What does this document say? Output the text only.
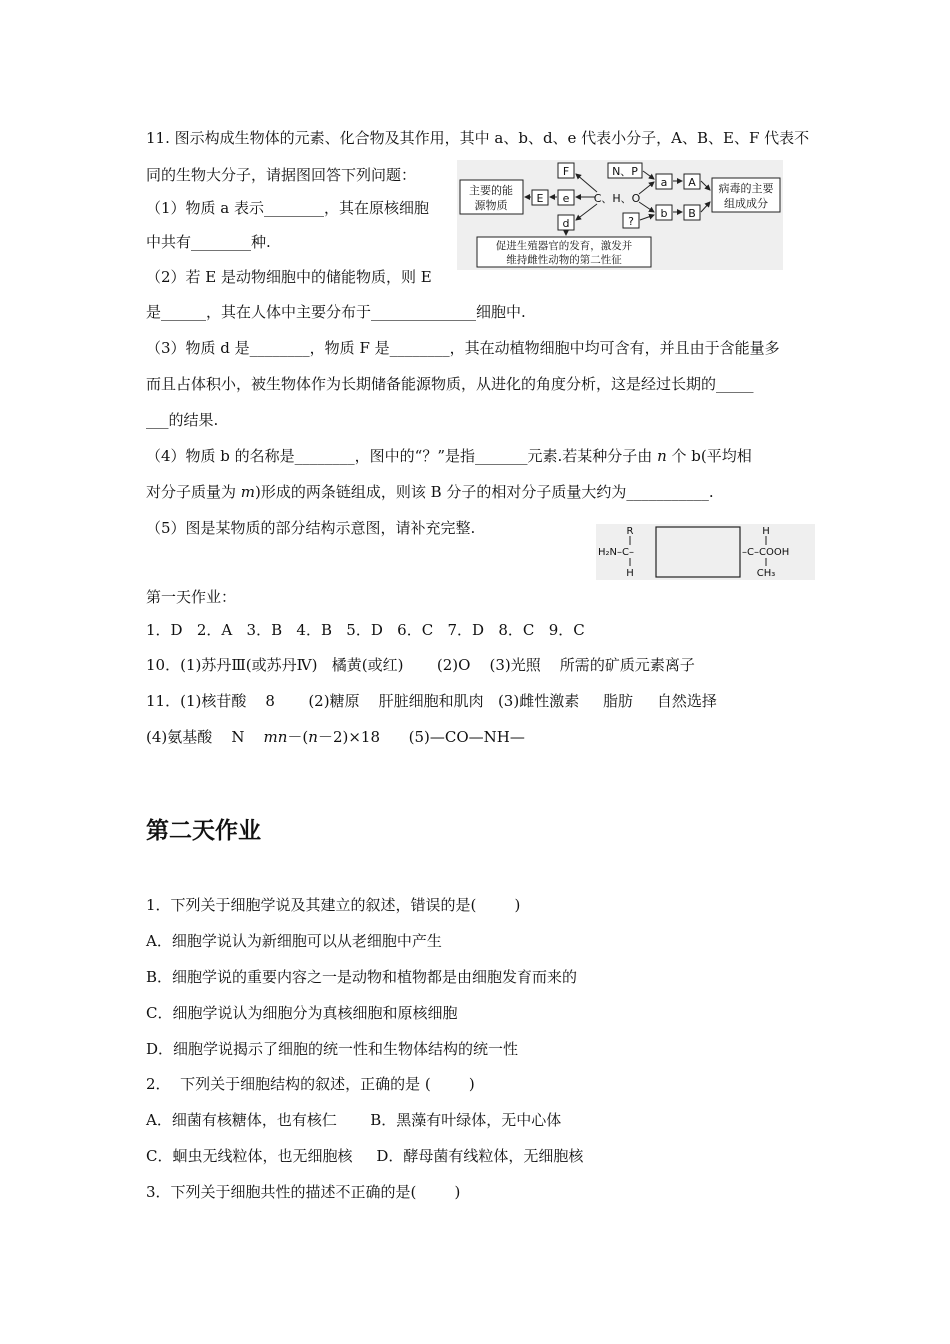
11. 图示构成生物体的元素、化合物及其作用，其中 a、b、d、e 代表小分子，A、B、E、F 代表不
同的生物大分子，请据图回答下列问题：
（1）物质 a 表示________，其在原核细胞
中共有________种.
（2）若 E 是动物细胞中的储能物质，则 E
是______，其在人体中主要分布于______________细胞中.
（3）物质 d 是________，物质 F 是________，其在动植物细胞中均可含有，并且由于含能量多
而且占体积小，被生物体作为长期储备能源物质，从进化的角度分析，这是经过长期的_____
___的结果.
（4）物质 b 的名称是________，图中的“？”是指_______元素.若某种分子由 n 个 b(平均相
对分子质量为 m)形成的两条链组成，则该 B 分子的相对分子质量大约为___________.
（5）图是某物质的部分结构示意图，请补充完整.
主要的能
源物质
E e
F
d
C、H、O
N、P
?
a A
b B
病毒的主要
组成成分
促进生殖器官的发育，激发并
维持雌性动物的第二性征
R
H₂N–C–
H
H
–C–COOH
CH₃
第一天作业：
1．D   2．A   3．B   4．B   5．D   6．C   7．D   8．C   9．C
10．(1)苏丹Ⅲ(或苏丹Ⅳ)   橘黄(或红)       (2)O    (3)光照    所需的矿质元素离子
11．(1)核苷酸    8       (2)糖原    肝脏细胞和肌肉   (3)雌性激素     脂肪     自然选择
(4)氨基酸    N    mn－(n－2)×18      (5)—CO—NH—
第二天作业
1．下列关于细胞学说及其建立的叙述，错误的是(        )
A．细胞学说认为新细胞可以从老细胞中产生
B．细胞学说的重要内容之一是动物和植物都是由细胞发育而来的
C．细胞学说认为细胞分为真核细胞和原核细胞
D．细胞学说揭示了细胞的统一性和生物体结构的统一性
2．  下列关于细胞结构的叙述，正确的是 (        )
A．细菌有核糖体，也有核仁       B．黑藻有叶绿体，无中心体
C．蛔虫无线粒体，也无细胞核     D．酵母菌有线粒体，无细胞核
3．下列关于细胞共性的描述不正确的是(        )
